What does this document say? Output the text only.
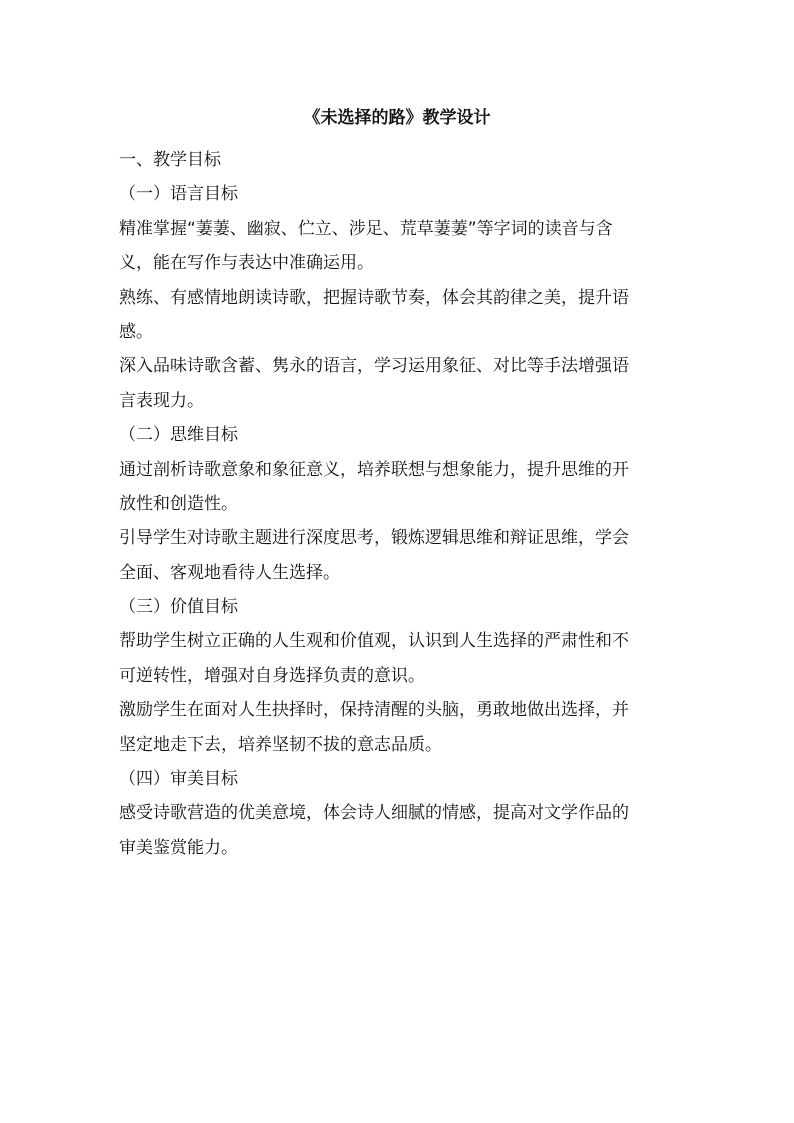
《未选择的路》教学设计
一、教学目标
（一）语言目标
精准掌握“萋萋、幽寂、伫立、涉足、荒草萋萋”等字词的读音与含
义，能在写作与表达中准确运用。
熟练、有感情地朗读诗歌，把握诗歌节奏，体会其韵律之美，提升语
感。
深入品味诗歌含蓄、隽永的语言，学习运用象征、对比等手法增强语
言表现力。
（二）思维目标
通过剖析诗歌意象和象征意义，培养联想与想象能力，提升思维的开
放性和创造性。
引导学生对诗歌主题进行深度思考，锻炼逻辑思维和辩证思维，学会
全面、客观地看待人生选择。
（三）价值目标
帮助学生树立正确的人生观和价值观，认识到人生选择的严肃性和不
可逆转性，增强对自身选择负责的意识。
激励学生在面对人生抉择时，保持清醒的头脑，勇敢地做出选择，并
坚定地走下去，培养坚韧不拔的意志品质。
（四）审美目标
感受诗歌营造的优美意境，体会诗人细腻的情感，提高对文学作品的
审美鉴赏能力。
